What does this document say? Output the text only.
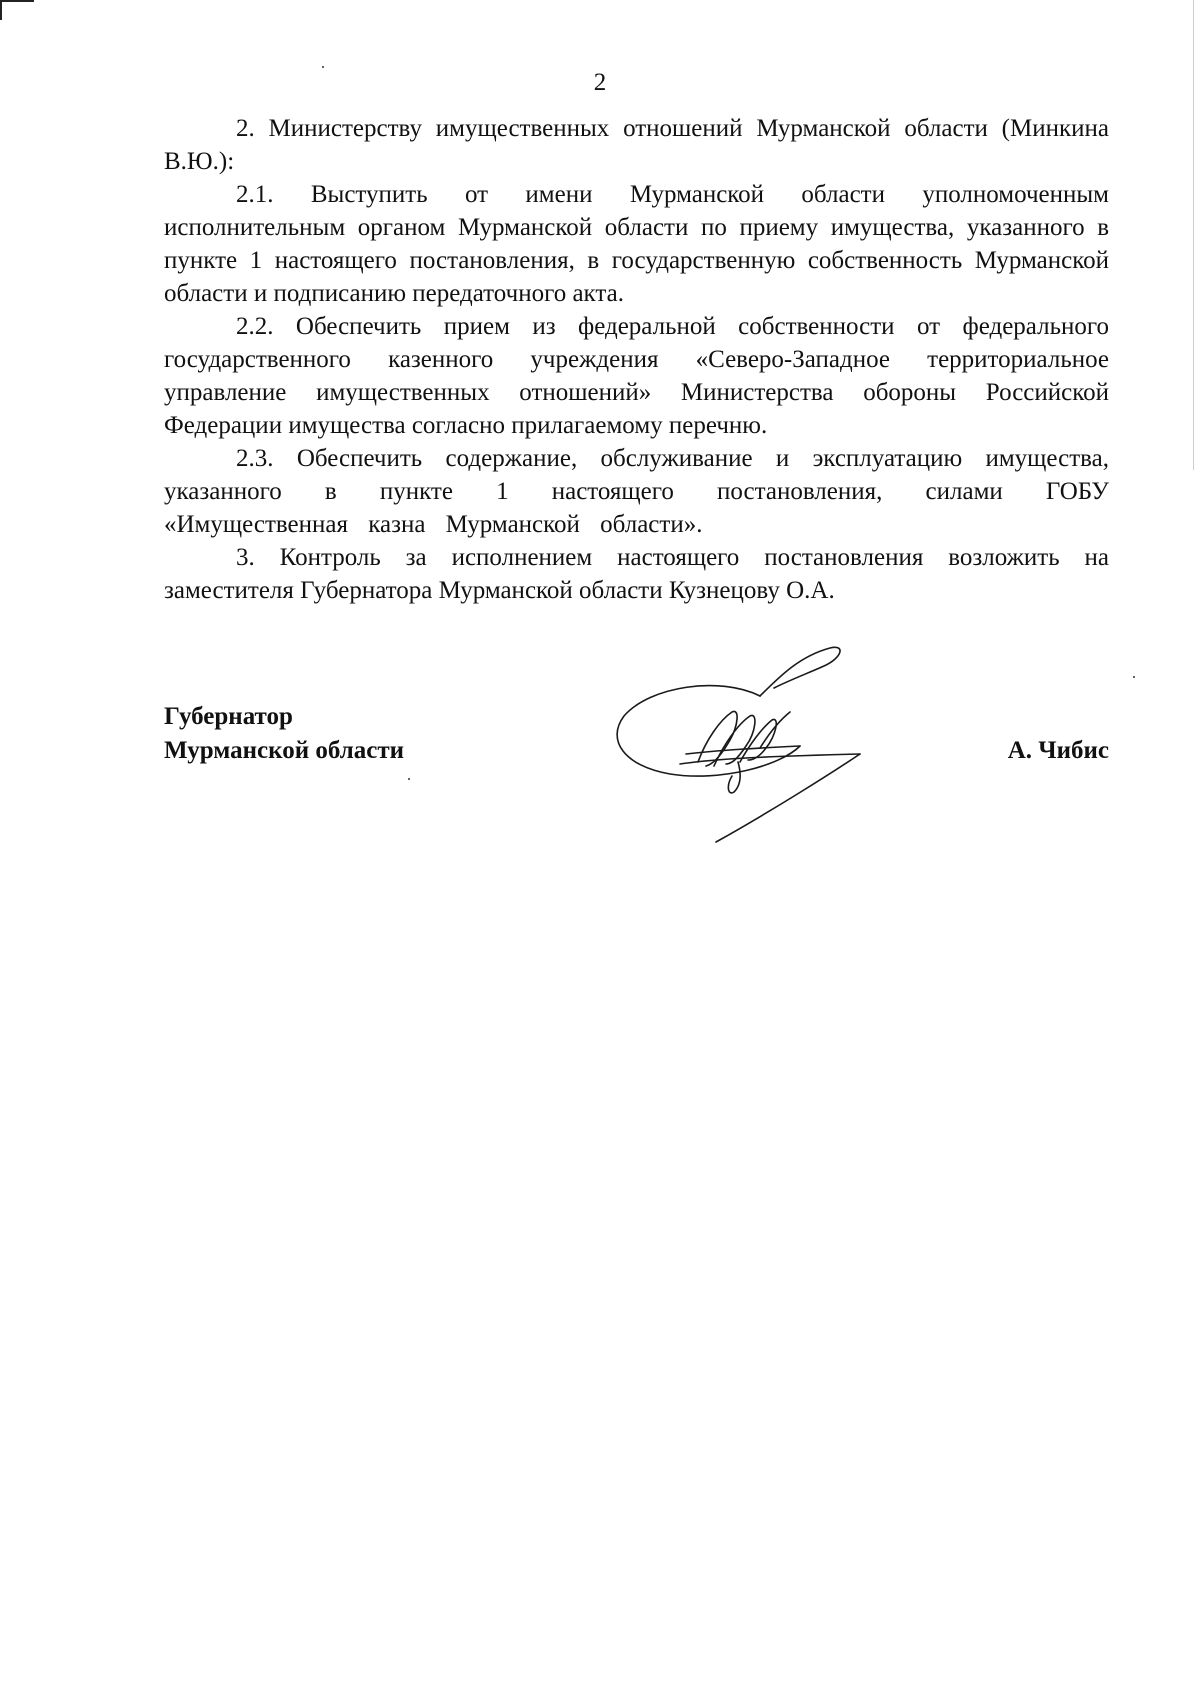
2

2. Министерству имущественных отношений Мурманской области (Минкина В.Ю.):

2.1. Выступить от имени Мурманской области уполномоченным исполнительным органом Мурманской области по приему имущества, указанного в пункте 1 настоящего постановления, в государственную собственность Мурманской области и подписанию передаточного акта.

2.2. Обеспечить прием из федеральной собственности от федерального государственного казенного учреждения «Северо-Западное территориальное управление имущественных отношений» Министерства обороны Российской Федерации имущества согласно прилагаемому перечню.

2.3. Обеспечить содержание, обслуживание и эксплуатацию имущества, указанного в пункте 1 настоящего постановления, силами ГОБУ «Имущественная казна Мурманской области».

3. Контроль за исполнением настоящего постановления возложить на заместителя Губернатора Мурманской области Кузнецову О.А.

Губернатор
Мурманской области	А. Чибис
